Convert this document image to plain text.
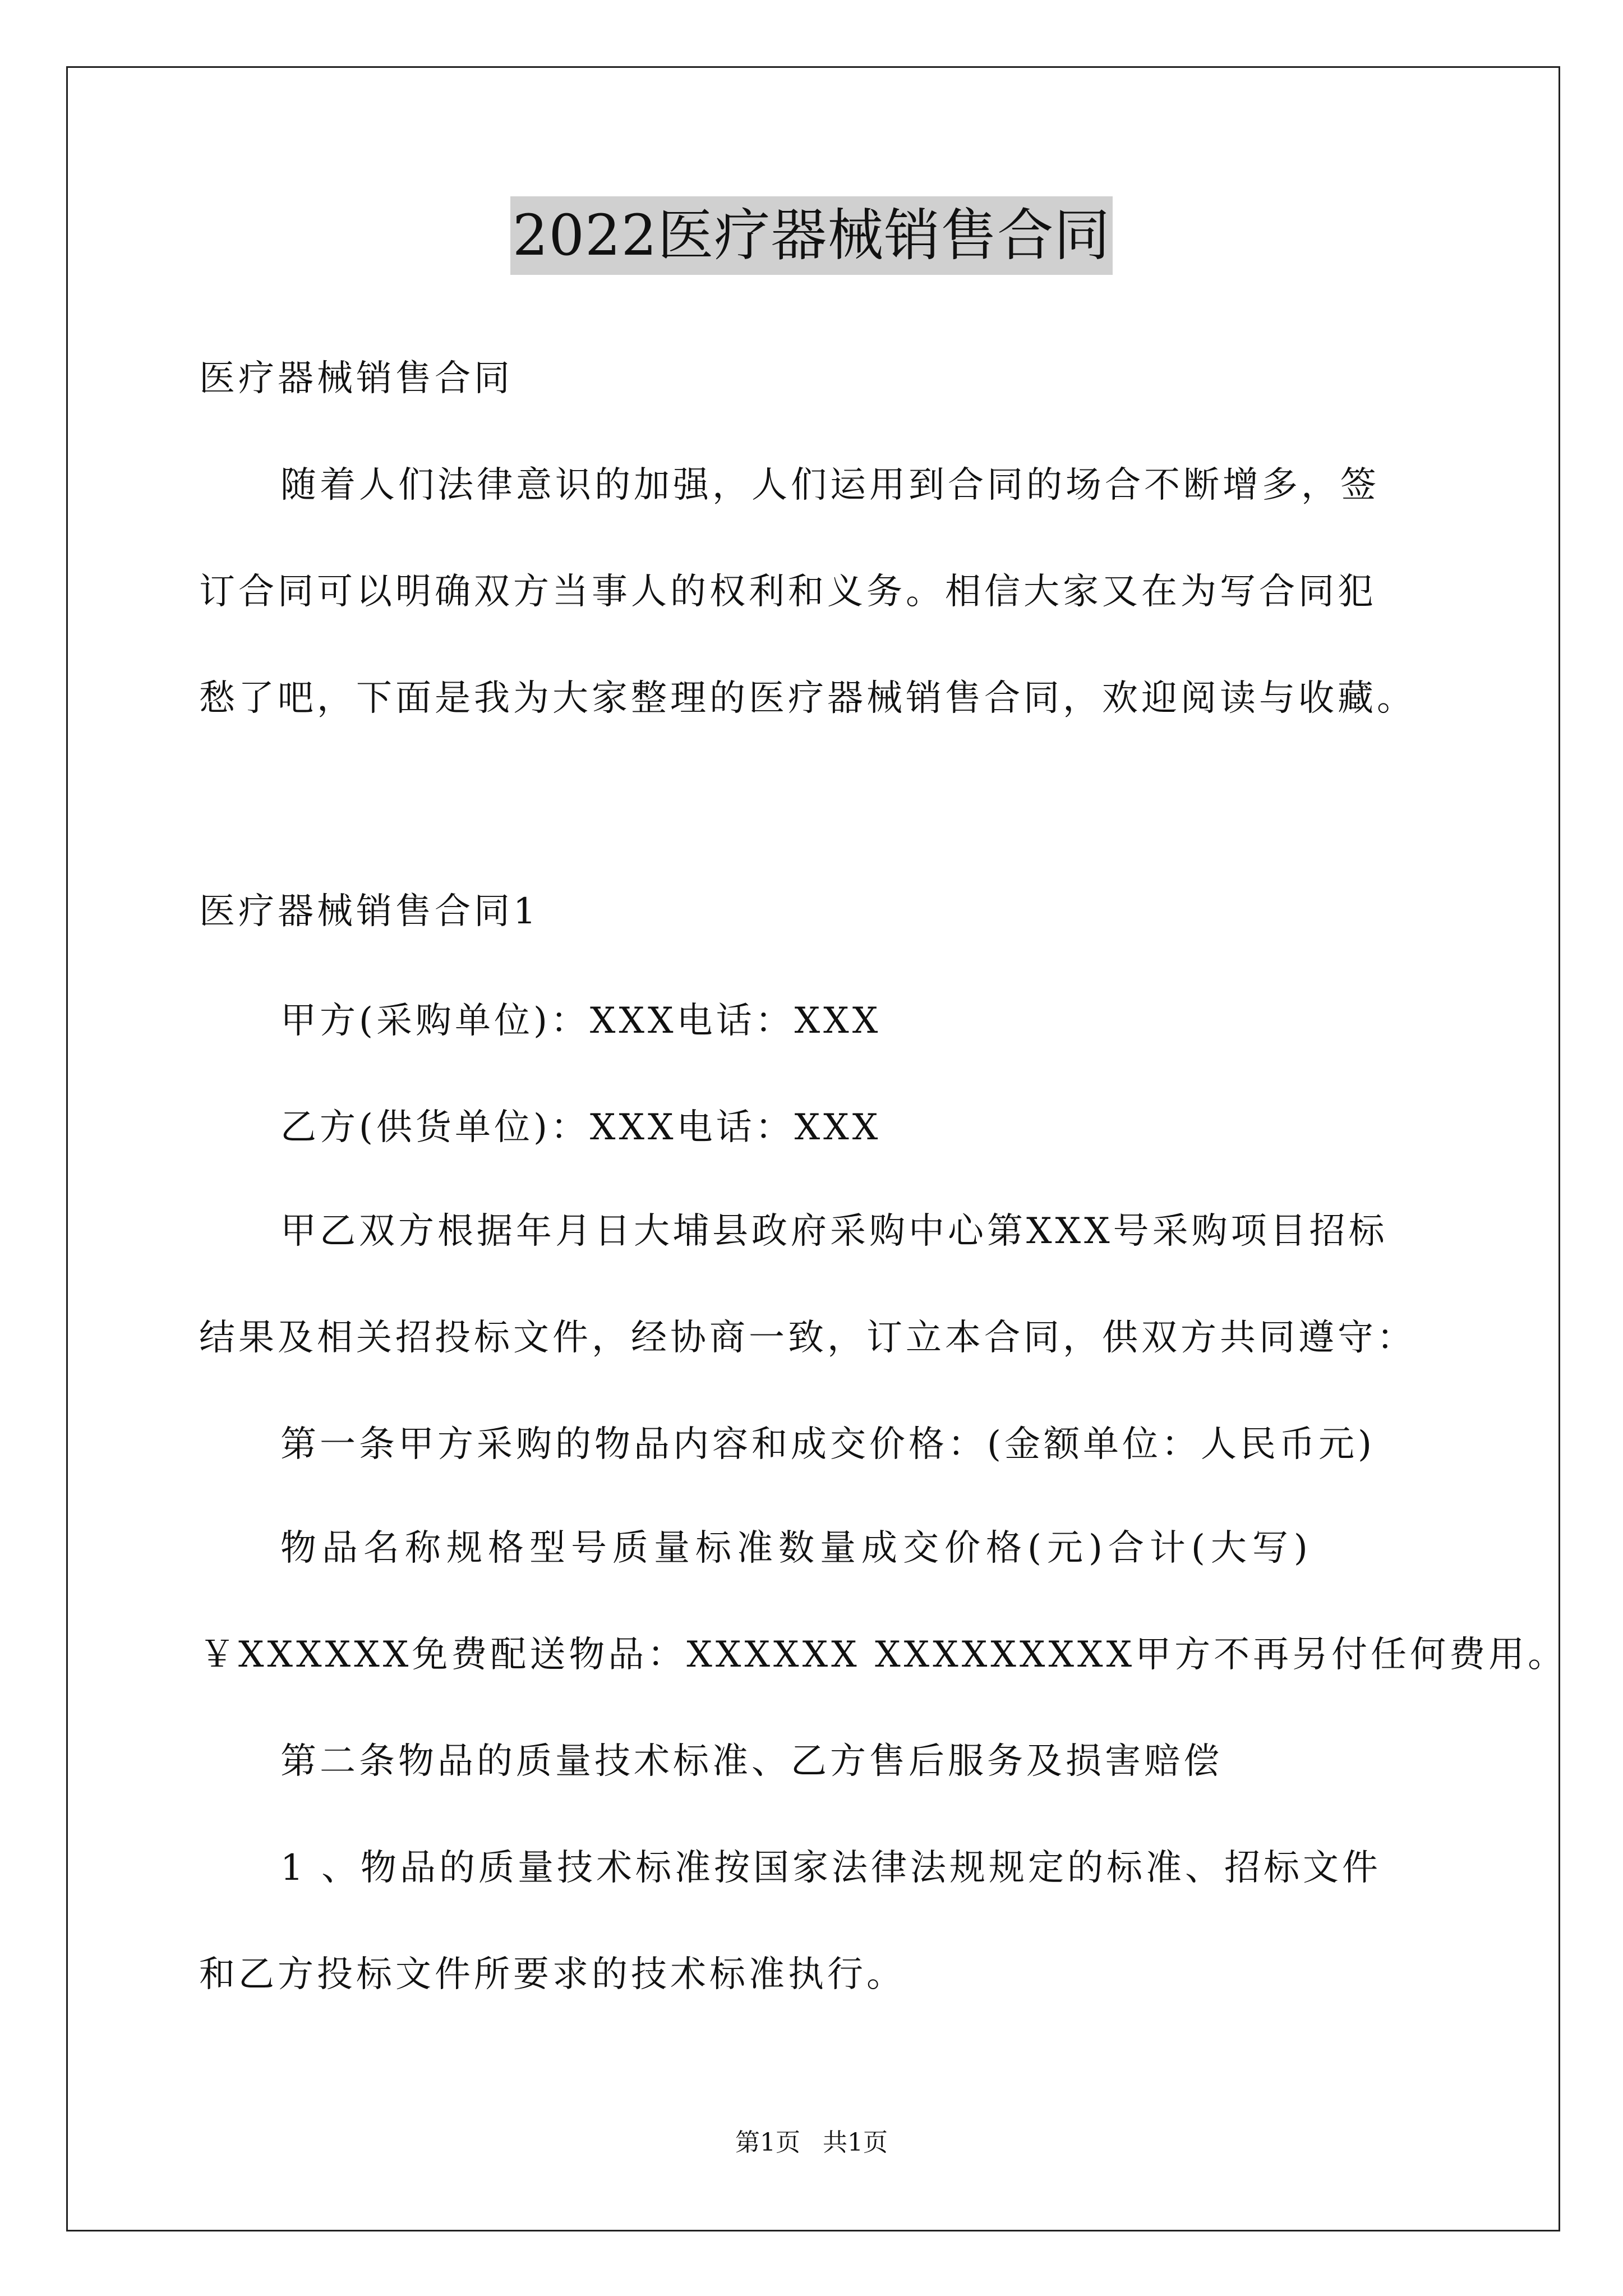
2022医疗器械销售合同
医疗器械销售合同
随着人们法律意识的加强，人们运用到合同的场合不断增多，签
订合同可以明确双方当事人的权利和义务。相信大家又在为写合同犯
愁了吧，下面是我为大家整理的医疗器械销售合同，欢迎阅读与收藏。
医疗器械销售合同1
甲方(采购单位)：XXX电话：XXX
乙方(供货单位)：XXX电话：XXX
甲乙双方根据年月日大埔县政府采购中心第XXX号采购项目招标
结果及相关招投标文件，经协商一致，订立本合同，供双方共同遵守：
第一条甲方采购的物品内容和成交价格：(金额单位：人民币元)
物品名称规格型号质量标准数量成交价格(元)合计(大写)
￥XXXXXX免费配送物品：XXXXXX XXXXXXXXX甲方不再另付任何费用。
第二条物品的质量技术标准、乙方售后服务及损害赔偿
1 、物品的质量技术标准按国家法律法规规定的标准、招标文件
和乙方投标文件所要求的技术标准执行。
第1页 共1页
